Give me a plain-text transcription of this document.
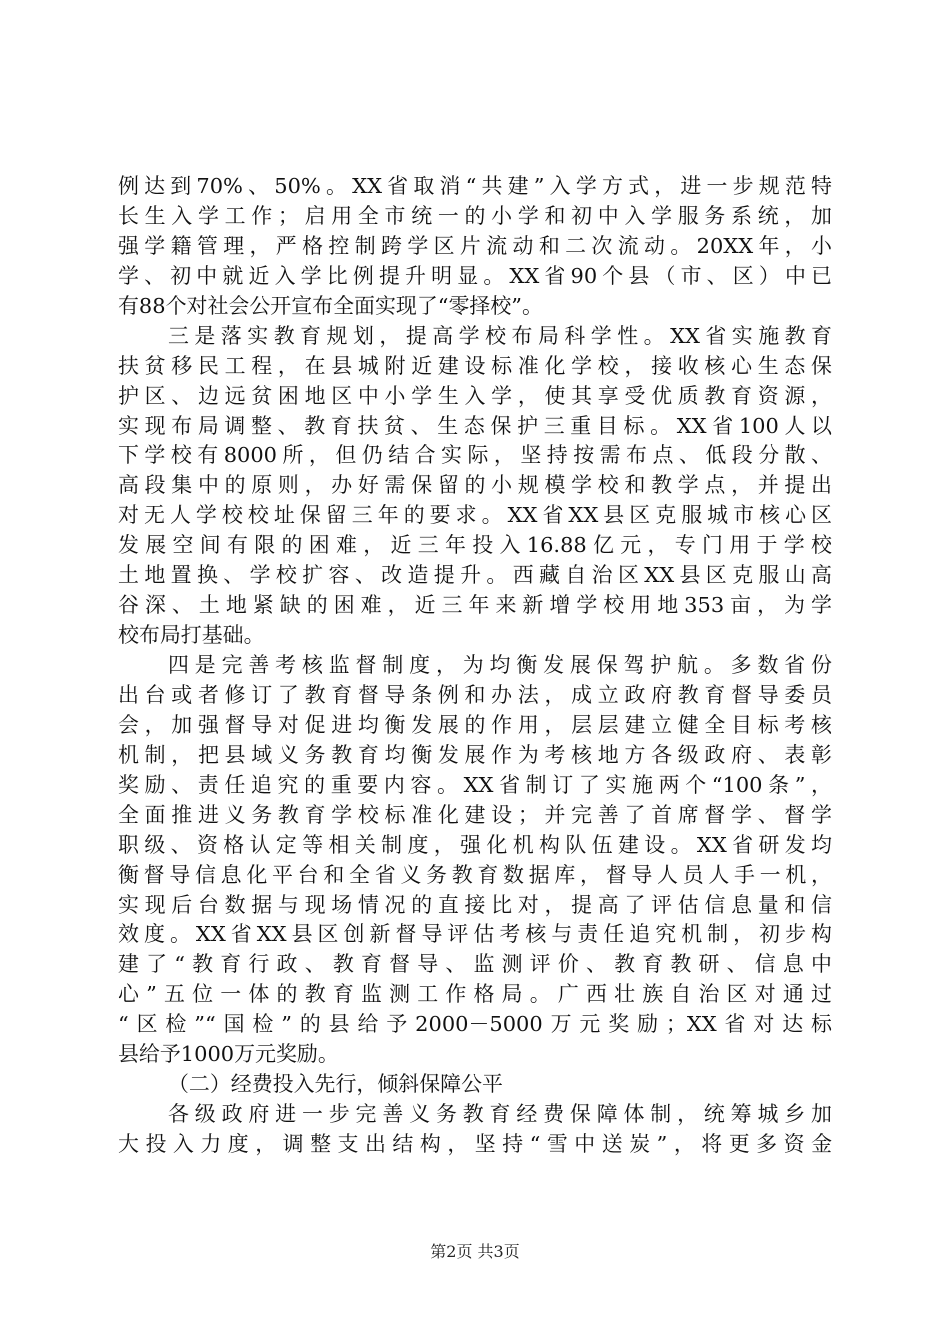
例达到70%、50%。XX省取消“共建”入学方式，进一步规范特
长生入学工作；启用全市统一的小学和初中入学服务系统，加
强学籍管理，严格控制跨学区片流动和二次流动。20XX年，小
学、初中就近入学比例提升明显。XX省90个县（市、区）中已
有88个对社会公开宣布全面实现了“零择校”。
三是落实教育规划，提高学校布局科学性。XX省实施教育
扶贫移民工程，在县城附近建设标准化学校，接收核心生态保
护区、边远贫困地区中小学生入学，使其享受优质教育资源，
实现布局调整、教育扶贫、生态保护三重目标。XX省100人以
下学校有8000所，但仍结合实际，坚持按需布点、低段分散、
高段集中的原则，办好需保留的小规模学校和教学点，并提出
对无人学校校址保留三年的要求。XX省XX县区克服城市核心区
发展空间有限的困难，近三年投入16.88亿元，专门用于学校
土地置换、学校扩容、改造提升。西藏自治区XX县区克服山高
谷深、土地紧缺的困难，近三年来新增学校用地353亩，为学
校布局打基础。
四是完善考核监督制度，为均衡发展保驾护航。多数省份
出台或者修订了教育督导条例和办法，成立政府教育督导委员
会，加强督导对促进均衡发展的作用，层层建立健全目标考核
机制，把县域义务教育均衡发展作为考核地方各级政府、表彰
奖励、责任追究的重要内容。XX省制订了实施两个“100条”，
全面推进义务教育学校标准化建设；并完善了首席督学、督学
职级、资格认定等相关制度，强化机构队伍建设。XX省研发均
衡督导信息化平台和全省义务教育数据库，督导人员人手一机，
实现后台数据与现场情况的直接比对，提高了评估信息量和信
效度。XX省XX县区创新督导评估考核与责任追究机制，初步构
建了“教育行政、教育督导、监测评价、教育教研、信息中
心”五位一体的教育监测工作格局。广西壮族自治区对通过
“区检”“国检”的县给予2000－5000万元奖励；XX省对达标
县给予1000万元奖励。
（二）经费投入先行，倾斜保障公平
各级政府进一步完善义务教育经费保障体制，统筹城乡加
大投入力度，调整支出结构，坚持“雪中送炭”，将更多资金
第2页 共3页
